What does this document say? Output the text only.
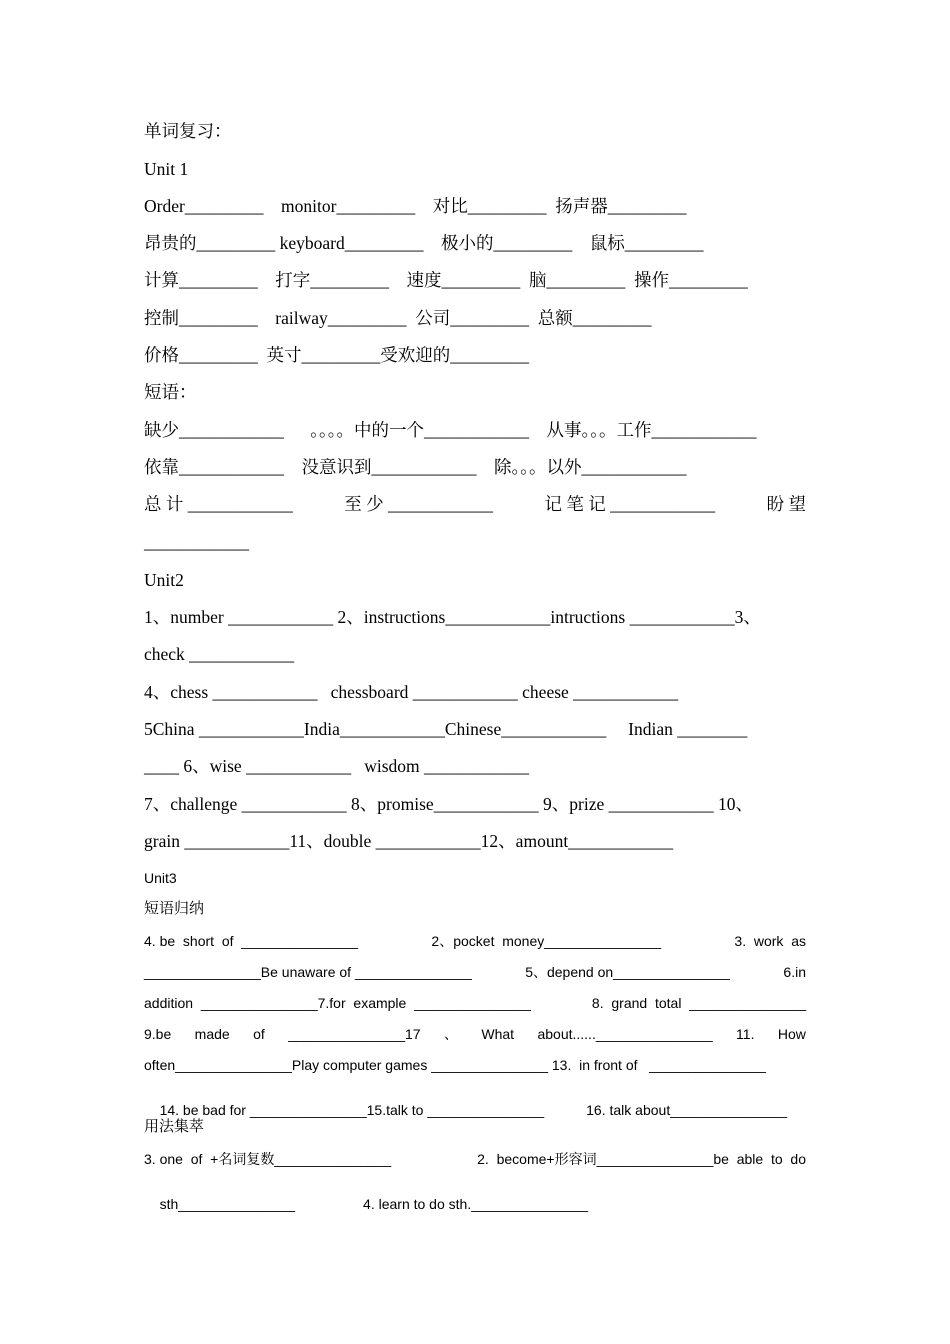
单词复习：
Unit 1
Order_________    monitor_________    对比_________  扬声器_________
昂贵的_________ keyboard_________    极小的_________    鼠标_________
计算_________    打字_________    速度_________  脑_________  操作_________
控制_________    railway_________  公司_________  总额_________
价格_________  英寸_________受欢迎的_________
短语：
缺少____________      。。。。中的一个____________    从事。。。工作____________
依靠____________    没意识到____________    除。。。以外____________
总 计 ____________	至 少 ____________	记 笔 记 ____________	盼 望
____________
Unit2
1、number ____________ 2、instructions____________intructions ____________3、
check ____________
4、chess ____________   chessboard ____________ cheese ____________
5China ____________India____________Chinese____________     Indian ________
____ 6、wise ____________   wisdom ____________
7、challenge ____________ 8、promise____________ 9、prize ____________ 10、
grain ____________11、double ____________12、amount____________
Unit3
短语归纳
4. be  short  of  _______________	2、pocket  money_______________	3.  work  as
_______________Be unaware of _______________	5、depend on_______________	6.in
addition  _______________7.for  example  _______________	8.  grand  total  _______________
9.be made of _______________17 、 What about......_______________ 11. How
often_______________Play computer games _______________ 13.  in front of   _______________

14. be bad for _______________15.talk to _______________	16. talk about_______________

用法集萃
3. one  of  +名词复数_______________	2.  become+形容词_______________be  able  to  do

sth_______________	4. learn to do sth._______________
